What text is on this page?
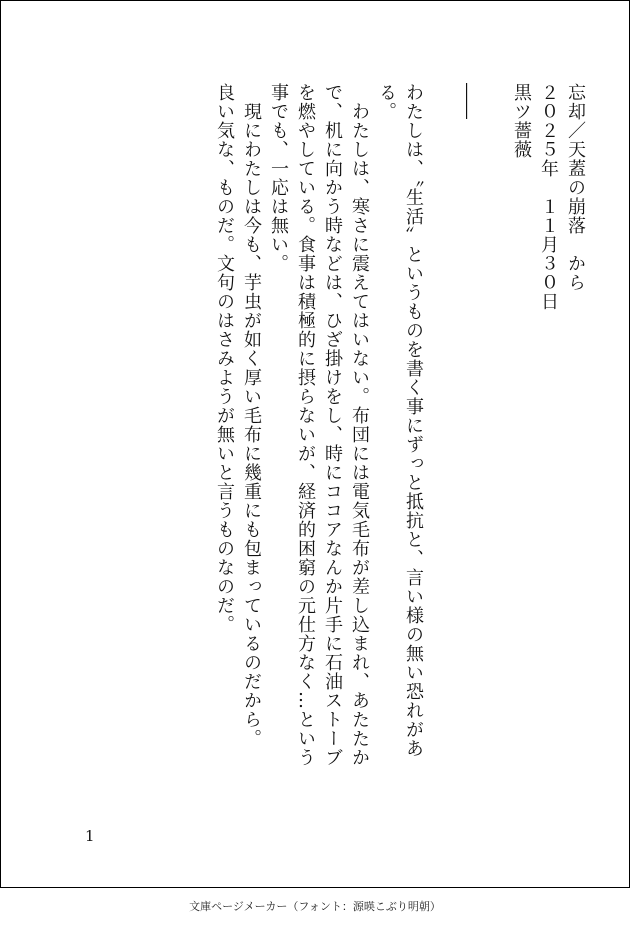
忘却／天蓋の崩落　から

２０２５年　１１月３０日

黒ツ薔薇

――

わたしは、〝生活〟というものを書く事にずっと抵抗と、言い様の無い恐れがある。

　わたしは、寒さに震えてはいない。布団には電気毛布が差し込まれ、あたたかで、机に向かう時などは、ひざ掛けをし、時にココアなんか片手に石油ストーブを燃やしている。食事は積極的に摂らないが、経済的困窮の元仕方なく…という事でも、一応は無い。

　現にわたしは今も、芋虫が如く厚い毛布に幾重にも包まっているのだから。

良い気な、ものだ。文句のはさみようが無いと言うものなのだ。

1
文庫ページメーカー（フォント：源暎こぶり明朝）
